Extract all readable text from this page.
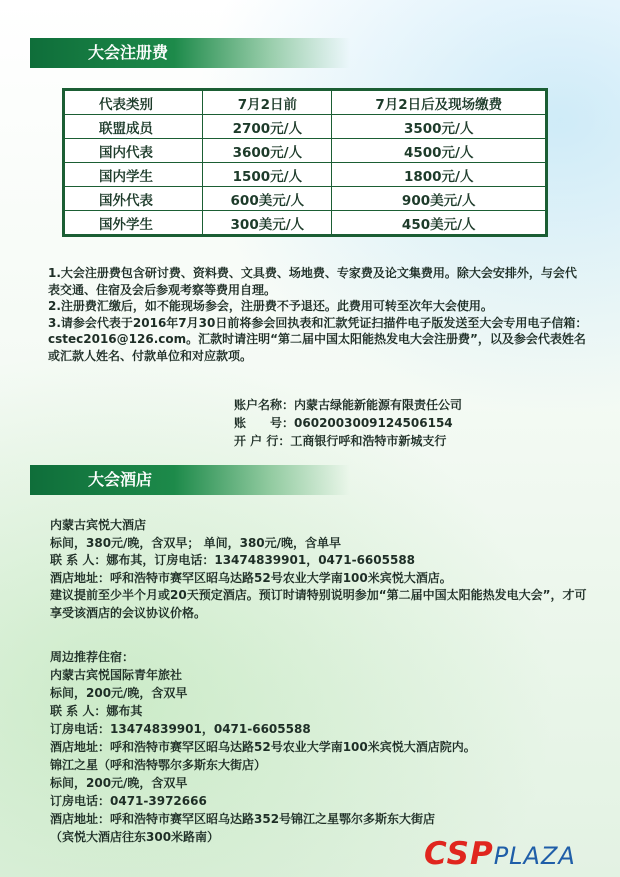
大会注册费
代表类别	7月2日前	7月2日后及现场缴费
联盟成员	2700元/人	3500元/人
国内代表	3600元/人	4500元/人
国内学生	1500元/人	1800元/人
国外代表	600美元/人	900美元/人
国外学生	300美元/人	450美元/人

1.大会注册费包含研讨费、资料费、文具费、场地费、专家费及论文集费用。除大会安排外，与会代表交通、住宿及会后参观考察等费用自理。

2.注册费汇缴后，如不能现场参会，注册费不予退还。此费用可转至次年大会使用。

3.请参会代表于2016年7月30日前将参会回执表和汇款凭证扫描件电子版发送至大会专用电子信箱：cstec2016@126.com。汇款时请注明“第二届中国太阳能热发电大会注册费”，以及参会代表姓名或汇款人姓名、付款单位和对应款项。

账户名称：内蒙古绿能新能源有限责任公司

账　　号：0602003009124506154

开 户 行：工商银行呼和浩特市新城支行

大会酒店

内蒙古宾悦大酒店

标间，380元/晚，含双早； 单间，380元/晚，含单早

联 系 人：娜布其，订房电话：13474839901，0471-6605588

酒店地址：呼和浩特市赛罕区昭乌达路52号农业大学南100米宾悦大酒店。

建议提前至少半个月或20天预定酒店。预订时请特别说明参加“第二届中国太阳能热发电大会”，才可享受该酒店的会议协议价格。

周边推荐住宿：

内蒙古宾悦国际青年旅社

标间，200元/晚，含双早

联 系 人：娜布其

订房电话：13474839901，0471-6605588

酒店地址：呼和浩特市赛罕区昭乌达路52号农业大学南100米宾悦大酒店院内。

锦江之星（呼和浩特鄂尔多斯东大街店）

标间，200元/晚，含双早

订房电话：0471-3972666

酒店地址：呼和浩特市赛罕区昭乌达路352号锦江之星鄂尔多斯东大街店

（宾悦大酒店往东300米路南）	CSPPLAZA
